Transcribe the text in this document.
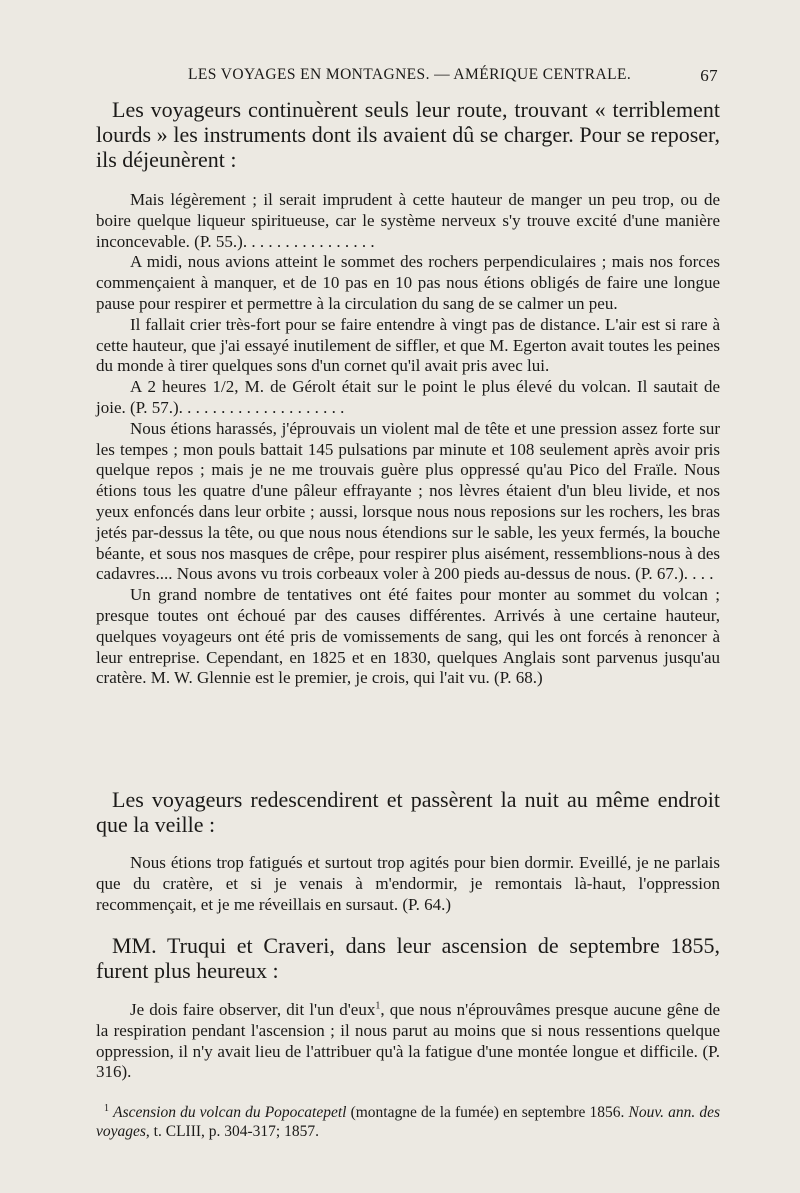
LES VOYAGES EN MONTAGNES. — AMÉRIQUE CENTRALE.	67

Les voyageurs continuèrent seuls leur route, trouvant « terriblement lourds » les instruments dont ils avaient dû se charger. Pour se reposer, ils déjeunèrent :

Mais légèrement ; il serait imprudent à cette hauteur de manger un peu trop, ou de boire quelque liqueur spiritueuse, car le système nerveux s'y trouve excité d'une manière inconcevable. (P. 55.). . . . . . . . . . . . . . . .

A midi, nous avions atteint le sommet des rochers perpendiculaires ; mais nos forces commençaient à manquer, et de 10 pas en 10 pas nous étions obligés de faire une longue pause pour respirer et permettre à la circulation du sang de se calmer un peu.

Il fallait crier très-fort pour se faire entendre à vingt pas de distance. L'air est si rare à cette hauteur, que j'ai essayé inutilement de siffler, et que M. Egerton avait toutes les peines du monde à tirer quelques sons d'un cornet qu'il avait pris avec lui.

A 2 heures 1/2, M. de Gérolt était sur le point le plus élevé du volcan. Il sautait de joie. (P. 57.). . . . . . . . . . . . . . . . . . . .

Nous étions harassés, j'éprouvais un violent mal de tête et une pression assez forte sur les tempes ; mon pouls battait 145 pulsations par minute et 108 seulement après avoir pris quelque repos ; mais je ne me trouvais guère plus oppressé qu'au Pico del Fraïle. Nous étions tous les quatre d'une pâleur effrayante ; nos lèvres étaient d'un bleu livide, et nos yeux enfoncés dans leur orbite ; aussi, lorsque nous nous reposions sur les rochers, les bras jetés par-dessus la tête, ou que nous nous étendions sur le sable, les yeux fermés, la bouche béante, et sous nos masques de crêpe, pour respirer plus aisément, ressemblions-nous à des cadavres.... Nous avons vu trois corbeaux voler à 200 pieds au-dessus de nous. (P. 67.). . . .

Un grand nombre de tentatives ont été faites pour monter au sommet du volcan ; presque toutes ont échoué par des causes différentes. Arrivés à une certaine hauteur, quelques voyageurs ont été pris de vomissements de sang, qui les ont forcés à renoncer à leur entreprise. Cependant, en 1825 et en 1830, quelques Anglais sont parvenus jusqu'au cratère. M. W. Glennie est le premier, je crois, qui l'ait vu. (P. 68.)

Les voyageurs redescendirent et passèrent la nuit au même endroit que la veille :

Nous étions trop fatigués et surtout trop agités pour bien dormir. Eveillé, je ne parlais que du cratère, et si je venais à m'endormir, je remontais là-haut, l'oppression recommençait, et je me réveillais en sursaut. (P. 64.)

MM. Truqui et Craveri, dans leur ascension de septembre 1855, furent plus heureux :

Je dois faire observer, dit l'un d'eux$^1$, que nous n'éprouvâmes presque aucune gêne de la respiration pendant l'ascension ; il nous parut au moins que si nous ressentions quelque oppression, il n'y avait lieu de l'attribuer qu'à la fatigue d'une montée longue et difficile. (P. 316).

$^1$ Ascension du volcan du Popocatepetl (montagne de la fumée) en septembre 1856. Nouv. ann. des voyages, t. CLIII, p. 304-317; 1857.
